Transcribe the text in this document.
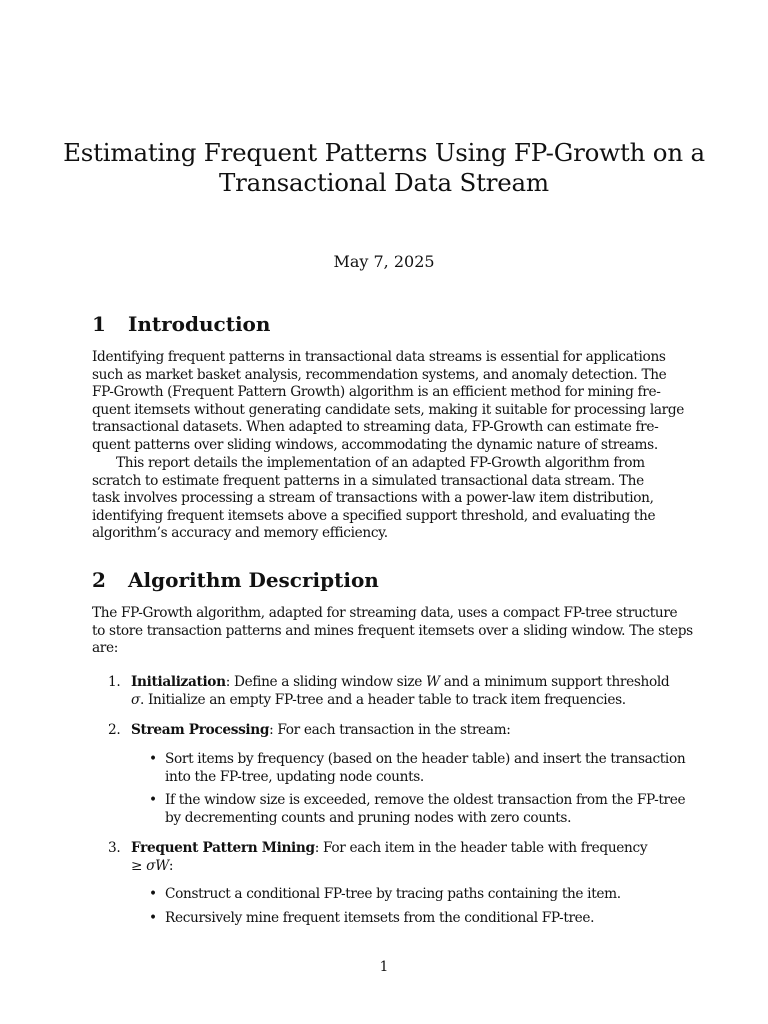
Estimating Frequent Patterns Using FP-Growth on a
Transactional Data Stream
May 7, 2025
1 Introduction
Identifying frequent patterns in transactional data streams is essential for applications
such as market basket analysis, recommendation systems, and anomaly detection. The
FP-Growth (Frequent Pattern Growth) algorithm is an efficient method for mining fre-
quent itemsets without generating candidate sets, making it suitable for processing large
transactional datasets. When adapted to streaming data, FP-Growth can estimate fre-
quent patterns over sliding windows, accommodating the dynamic nature of streams.
This report details the implementation of an adapted FP-Growth algorithm from
scratch to estimate frequent patterns in a simulated transactional data stream. The
task involves processing a stream of transactions with a power-law item distribution,
identifying frequent itemsets above a specified support threshold, and evaluating the
algorithm’s accuracy and memory efficiency.
2 Algorithm Description
The FP-Growth algorithm, adapted for streaming data, uses a compact FP-tree structure
to store transaction patterns and mines frequent itemsets over a sliding window. The steps
are:
1. Initialization: Define a sliding window size W and a minimum support threshold
σ. Initialize an empty FP-tree and a header table to track item frequencies.
2. Stream Processing: For each transaction in the stream:
• Sort items by frequency (based on the header table) and insert the transaction
into the FP-tree, updating node counts.
• If the window size is exceeded, remove the oldest transaction from the FP-tree
by decrementing counts and pruning nodes with zero counts.
3. Frequent Pattern Mining: For each item in the header table with frequency
≥ σW:
• Construct a conditional FP-tree by tracing paths containing the item.
• Recursively mine frequent itemsets from the conditional FP-tree.
1
